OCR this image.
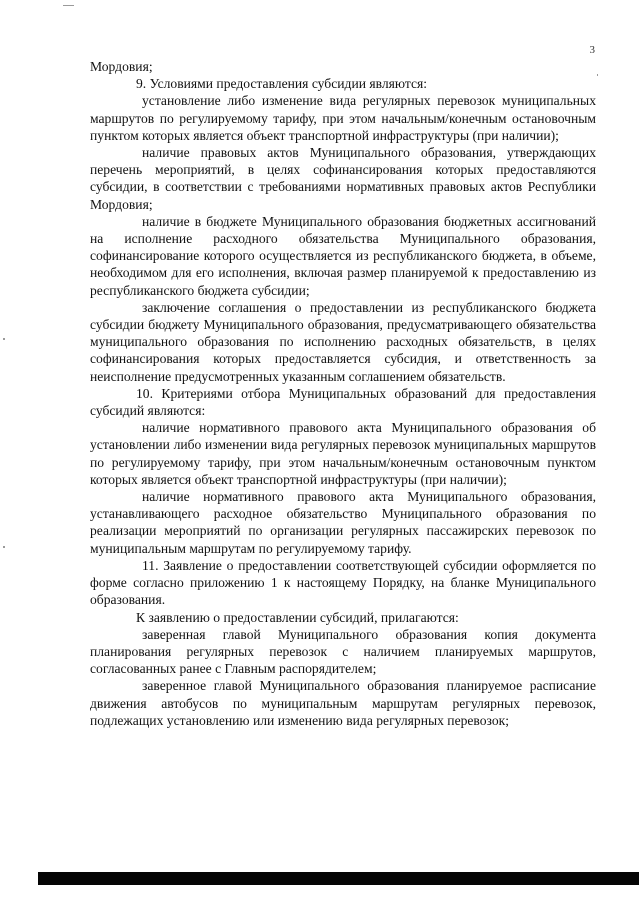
3

Мордовия;

9. Условиями предоставления субсидии являются:

установление либо изменение вида регулярных перевозок муниципальных маршрутов по регулируемому тарифу, при этом начальным/конечным остановочным пунктом которых является объект транспортной инфраструктуры (при наличии);

наличие правовых актов Муниципального образования, утверждающих перечень мероприятий, в целях софинансирования которых предоставляются субсидии, в соответствии с требованиями нормативных правовых актов Республики Мордовия;

наличие в бюджете Муниципального образования бюджетных ассигнований на исполнение расходного обязательства Муниципального образования, софинансирование которого осуществляется из республиканского бюджета, в объеме, необходимом для его исполнения, включая размер планируемой к предоставлению из республиканского бюджета субсидии;

заключение соглашения о предоставлении из республиканского бюджета субсидии бюджету Муниципального образования, предусматривающего обязательства муниципального образования по исполнению расходных обязательств, в целях софинансирования которых предоставляется субсидия, и ответственность за неисполнение предусмотренных указанным соглашением обязательств.

10. Критериями отбора Муниципальных образований для предоставления субсидий являются:

наличие нормативного правового акта Муниципального образования об установлении либо изменении вида регулярных перевозок муниципальных маршрутов по регулируемому тарифу, при этом начальным/конечным остановочным пунктом которых является объект транспортной инфраструктуры (при наличии);

наличие нормативного правового акта Муниципального образования, устанавливающего расходное обязательство Муниципального образования по реализации мероприятий по организации регулярных пассажирских перевозок по муниципальным маршрутам по регулируемому тарифу.

11. Заявление о предоставлении соответствующей субсидии оформляется по форме согласно приложению 1 к настоящему Порядку, на бланке Муниципального образования.

К заявлению о предоставлении субсидий, прилагаются:

заверенная главой Муниципального образования копия документа планирования регулярных перевозок с наличием планируемых маршрутов, согласованных ранее с Главным распорядителем;

заверенное главой Муниципального образования планируемое расписание движения автобусов по муниципальным маршрутам регулярных перевозок, подлежащих установлению или изменению вида регулярных перевозок;
